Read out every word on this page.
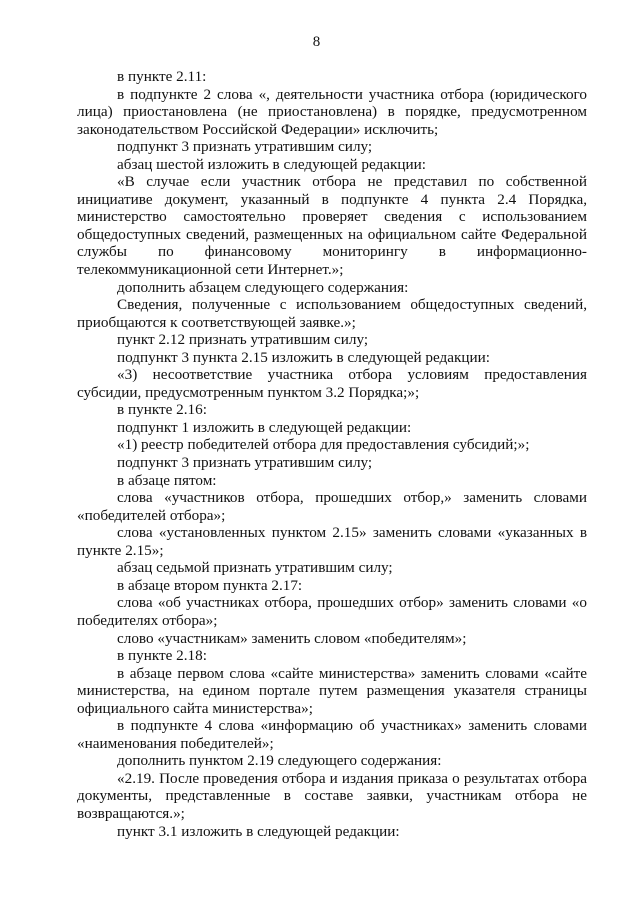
8

в пункте 2.11:

в подпункте 2 слова «, деятельности участника отбора (юридического лица) приостановлена (не приостановлена) в порядке, предусмотренном законодательством Российской Федерации» исключить;

подпункт 3 признать утратившим силу;

абзац шестой изложить в следующей редакции:

«В случае если участник отбора не представил по собственной инициативе документ, указанный в подпункте 4 пункта 2.4 Порядка, министерство самостоятельно проверяет сведения с использованием общедоступных сведений, размещенных на официальном сайте Федеральной службы по финансовому мониторингу в информационно-телекоммуникационной сети Интернет.»;

дополнить абзацем следующего содержания:

Сведения, полученные с использованием общедоступных сведений, приобщаются к соответствующей заявке.»;

пункт 2.12 признать утратившим силу;

подпункт 3 пункта 2.15 изложить в следующей редакции:

«3) несоответствие участника отбора условиям предоставления субсидии, предусмотренным пунктом 3.2 Порядка;»;

в пункте 2.16:

подпункт 1 изложить в следующей редакции:

«1) реестр победителей отбора для предоставления субсидий;»;

подпункт 3 признать утратившим силу;

в абзаце пятом:

слова «участников отбора, прошедших отбор,» заменить словами «победителей отбора»;

слова «установленных пунктом 2.15» заменить словами «указанных в пункте 2.15»;

абзац седьмой признать утратившим силу;

в абзаце втором пункта 2.17:

слова «об участниках отбора, прошедших отбор» заменить словами «о победителях отбора»;

слово «участникам» заменить словом «победителям»;

в пункте 2.18:

в абзаце первом слова «сайте министерства» заменить словами «сайте министерства, на едином портале путем размещения указателя страницы официального сайта министерства»;

в подпункте 4 слова «информацию об участниках» заменить словами «наименования победителей»;

дополнить пунктом 2.19 следующего содержания:

«2.19. После проведения отбора и издания приказа о результатах отбора документы, представленные в составе заявки, участникам отбора не возвращаются.»;

пункт 3.1 изложить в следующей редакции:
